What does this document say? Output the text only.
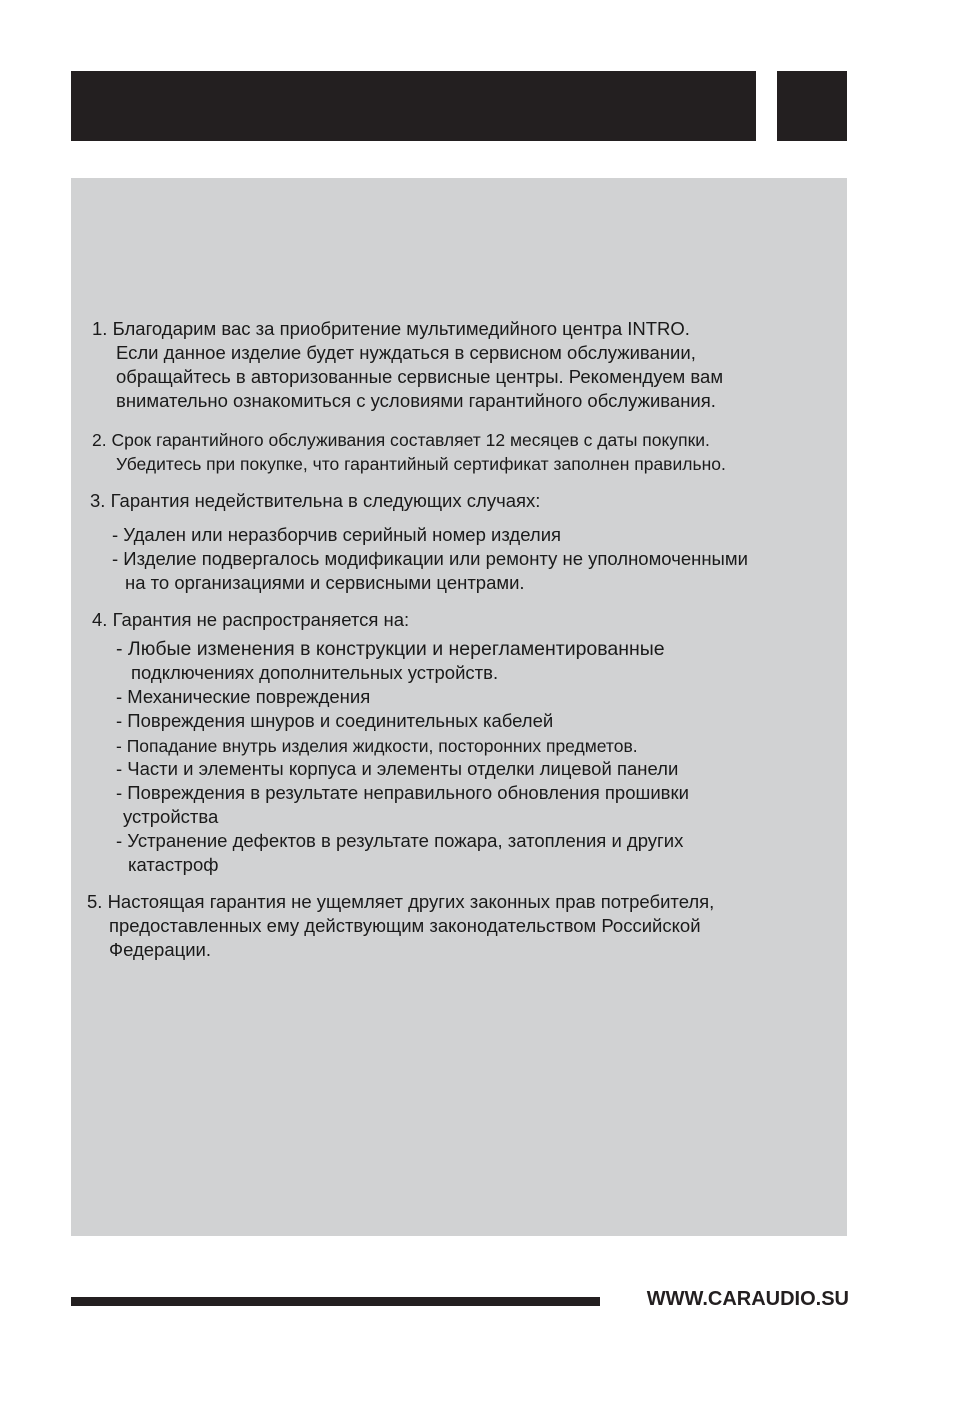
1. Благодарим вас за приобритение мультимедийного центра INTRO.
Если данное изделие будет нуждаться в сервисном обслуживании,
обращайтесь в авторизованные сервисные центры. Рекомендуем вам
внимательно ознакомиться с условиями гарантийного обслуживания.
2. Срок гарантийного обслуживания составляет 12 месяцев с даты покупки.
Убедитесь при покупке, что гарантийный сертификат заполнен правильно.
3. Гарантия недействительна в следующих случаях:
- Удален или неразборчив серийный номер изделия
- Изделие подвергалось модификации или ремонту не уполномоченными
на то организациями и сервисными центрами.
4. Гарантия не распространяется на:
- Любые изменения в конструкции и нерегламентированные
подключениях дополнительных устройств.
- Механические повреждения
- Повреждения шнуров и соединительных кабелей
- Попадание внутрь изделия жидкости, посторонних предметов.
- Части и элементы корпуса и элементы отделки лицевой панели
- Повреждения в результате неправильного обновления прошивки
устройства
- Устранение дефектов в результате пожара, затопления и других
катастроф
5. Настоящая гарантия не ущемляет других законных прав потребителя,
предоставленных ему действующим законодательством Российской
Федерации.
WWW.CARAUDIO.SU
